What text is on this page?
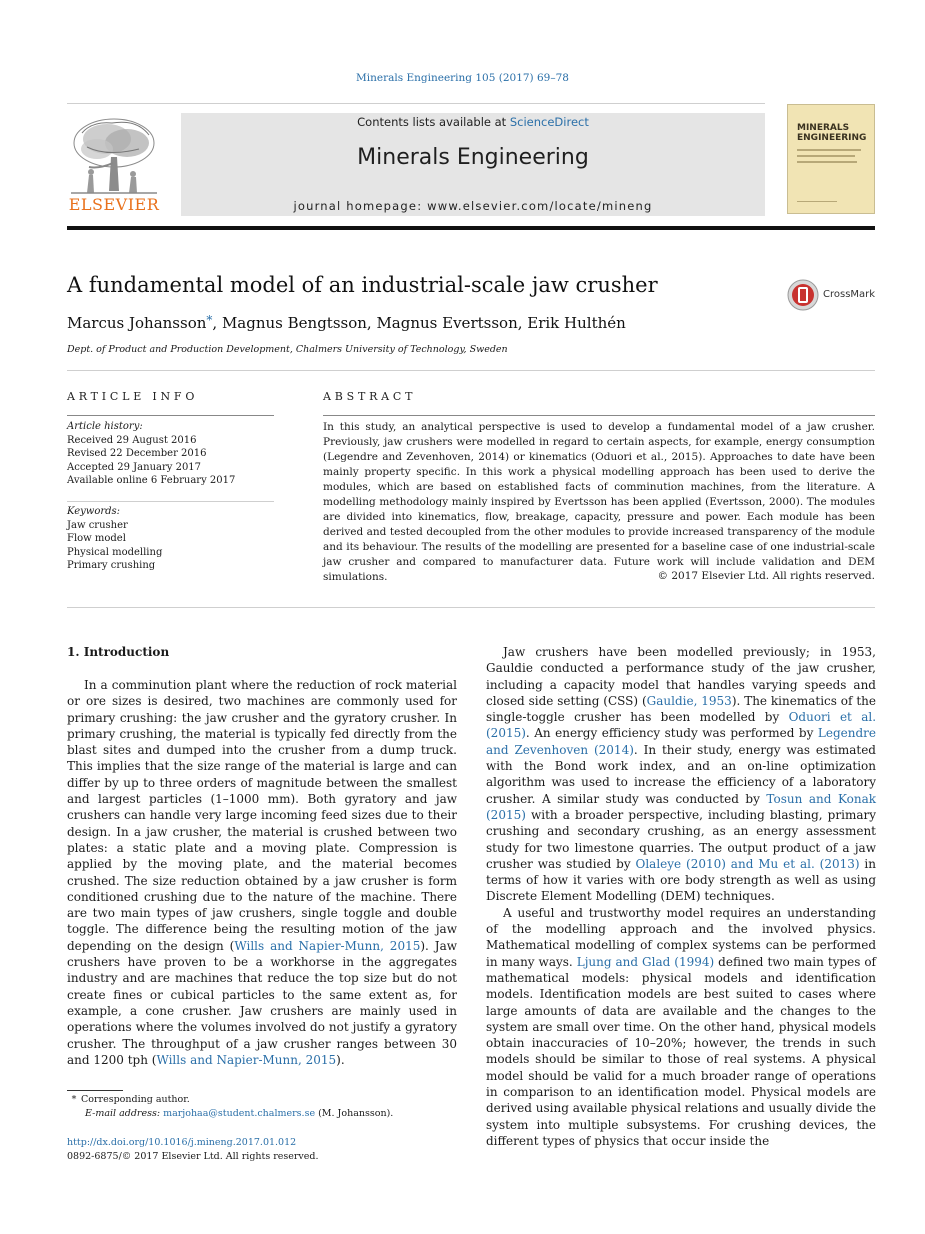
Minerals Engineering 105 (2017) 69–78
ELSEVIER
Contents lists available at ScienceDirect
Minerals Engineering
journal homepage: www.elsevier.com/locate/mineng
MINERALS
ENGINEERING
A fundamental model of an industrial-scale jaw crusher	CrossMark
Marcus Johansson*, Magnus Bengtsson, Magnus Evertsson, Erik Hulthén
Dept. of Product and Production Development, Chalmers University of Technology, Sweden
ARTICLE INFO
Article history:
Received 29 August 2016
Revised 22 December 2016
Accepted 29 January 2017
Available online 6 February 2017
Keywords:
Jaw crusher
Flow model
Physical modelling
Primary crushing
ABSTRACT
In this study, an analytical perspective is used to develop a fundamental model of a jaw crusher. Previously, jaw crushers were modelled in regard to certain aspects, for example, energy consumption (Legendre and Zevenhoven, 2014) or kinematics (Oduori et al., 2015). Approaches to date have been mainly property specific. In this work a physical modelling approach has been used to derive the modules, which are based on established facts of comminution machines, from the literature. A modelling methodology mainly inspired by Evertsson has been applied (Evertsson, 2000). The modules are divided into kinematics, flow, breakage, capacity, pressure and power. Each module has been derived and tested decoupled from the other modules to provide increased transparency of the module and its behaviour. The results of the modelling are presented for a baseline case of one industrial-scale jaw crusher and compared to manufacturer data. Future work will include validation and DEM simulations.	© 2017 Elsevier Ltd. All rights reserved.
1. Introduction

In a comminution plant where the reduction of rock material or ore sizes is desired, two machines are commonly used for primary crushing: the jaw crusher and the gyratory crusher. In primary crushing, the material is typically fed directly from the blast sites and dumped into the crusher from a dump truck. This implies that the size range of the material is large and can differ by up to three orders of magnitude between the smallest and largest particles (1–1000 mm). Both gyratory and jaw crushers can handle very large incoming feed sizes due to their design. In a jaw crusher, the material is crushed between two plates: a static plate and a moving plate. Compression is applied by the moving plate, and the material becomes crushed. The size reduction obtained by a jaw crusher is form conditioned crushing due to the nature of the machine. There are two main types of jaw crushers, single toggle and double toggle. The difference being the resulting motion of the jaw depending on the design (Wills and Napier-Munn, 2015). Jaw crushers have proven to be a workhorse in the aggregates industry and are machines that reduce the top size but do not create fines or cubical particles to the same extent as, for example, a cone crusher. Jaw crushers are mainly used in operations where the volumes involved do not justify a gyratory crusher. The throughput of a jaw crusher ranges between 30 and 1200 tph (Wills and Napier-Munn, 2015).

Jaw crushers have been modelled previously; in 1953, Gauldie conducted a performance study of the jaw crusher, including a capacity model that handles varying speeds and closed side setting (CSS) (Gauldie, 1953). The kinematics of the single-toggle crusher has been modelled by Oduori et al. (2015). An energy efficiency study was performed by Legendre and Zevenhoven (2014). In their study, energy was estimated with the Bond work index, and an on-line optimization algorithm was used to increase the efficiency of a laboratory crusher. A similar study was conducted by Tosun and Konak (2015) with a broader perspective, including blasting, primary crushing and secondary crushing, as an energy assessment study for two limestone quarries. The output product of a jaw crusher was studied by Olaleye (2010) and Mu et al. (2013) in terms of how it varies with ore body strength as well as using Discrete Element Modelling (DEM) techniques.

A useful and trustworthy model requires an understanding of the modelling approach and the involved physics. Mathematical modelling of complex systems can be performed in many ways. Ljung and Glad (1994) defined two main types of mathematical models: physical models and identification models. Identification models are best suited to cases where large amounts of data are available and the changes to the system are small over time. On the other hand, physical models obtain inaccuracies of 10–20%; however, the trends in such models should be similar to those of real systems. A physical model should be valid for a much broader range of operations in comparison to an identification model. Physical models are derived using available physical relations and usually divide the system into multiple subsystems. For crushing devices, the different types of physics that occur inside the

* Corresponding author.
E-mail address: marjohaa@student.chalmers.se (M. Johansson).
http://dx.doi.org/10.1016/j.mineng.2017.01.012
0892-6875/© 2017 Elsevier Ltd. All rights reserved.
